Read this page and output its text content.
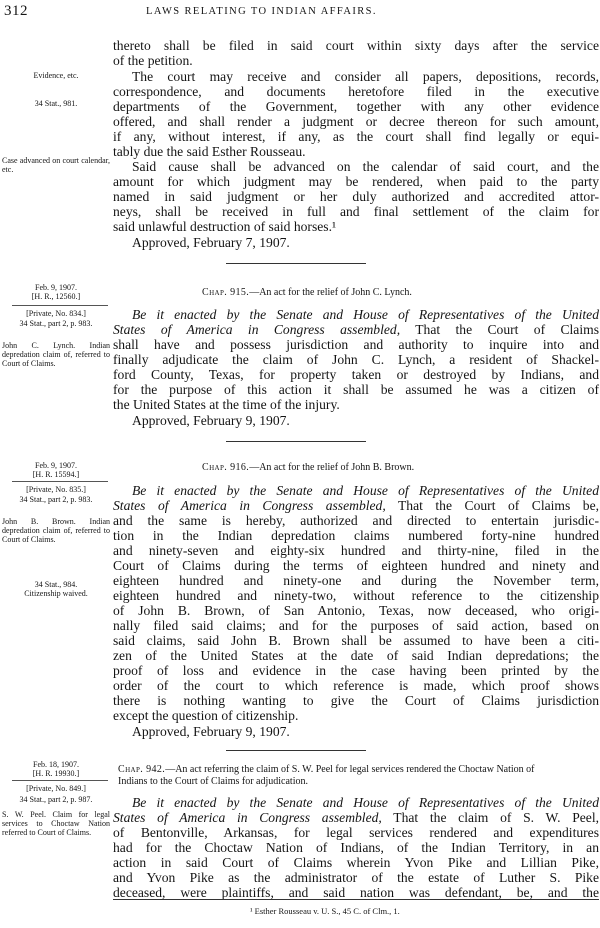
312	LAWS RELATING TO INDIAN AFFAIRS.
Evidence, etc.
34 Stat., 981.
Case advanced on court calendar, etc.
Feb. 9, 1907.
[H. R., 12560.]
[Private, No. 834.]
34 Stat., part 2, p. 983.
John C. Lynch. Indian depredation claim of, referred to Court of Claims.
Feb. 9, 1907.
[H. R. 15594.]
[Private, No. 835.]
34 Stat., part 2, p. 983.
John B. Brown. Indian depredation claim of, referred to Court of Claims.
34 Stat., 984.
Citizenship waived.
Feb. 18, 1907.
[H. R. 19930.]
[Private, No. 849.]
34 Stat., part 2, p. 987.
S. W. Peel. Claim for legal services to Choctaw Nation referred to Court of Claims.
thereto shall be filed in said court within sixty days after the service
of the petition.
The court may receive and consider all papers, depositions, records,
correspondence, and documents heretofore filed in the executive
departments of the Government, together with any other evidence
offered, and shall render a judgment or decree thereon for such amount,
if any, without interest, if any, as the court shall find legally or equi-
tably due the said Esther Rousseau.
Said cause shall be advanced on the calendar of said court, and the
amount for which judgment may be rendered, when paid to the party
named in said judgment or her duly authorized and accredited attor-
neys, shall be received in full and final settlement of the claim for
said unlawful destruction of said horses.¹
Approved, February 7, 1907.
Chap. 915.—An act for the relief of John C. Lynch.
Be it enacted by the Senate and House of Representatives of the United
States of America in Congress assembled, That the Court of Claims
shall have and possess jurisdiction and authority to inquire into and
finally adjudicate the claim of John C. Lynch, a resident of Shackel-
ford County, Texas, for property taken or destroyed by Indians, and
for the purpose of this action it shall be assumed he was a citizen of
the United States at the time of the injury.
Approved, February 9, 1907.
Chap. 916.—An act for the relief of John B. Brown.
Be it enacted by the Senate and House of Representatives of the United
States of America in Congress assembled, That the Court of Claims be,
and the same is hereby, authorized and directed to entertain jurisdic-
tion in the Indian depredation claims numbered forty-nine hundred
and ninety-seven and eighty-six hundred and thirty-nine, filed in the
Court of Claims during the terms of eighteen hundred and ninety and
eighteen hundred and ninety-one and during the November term,
eighteen hundred and ninety-two, without reference to the citizenship
of John B. Brown, of San Antonio, Texas, now deceased, who origi-
nally filed said claims; and for the purposes of said action, based on
said claims, said John B. Brown shall be assumed to have been a citi-
zen of the United States at the date of said Indian depredations; the
proof of loss and evidence in the case having been printed by the
order of the court to which reference is made, which proof shows
there is nothing wanting to give the Court of Claims jurisdiction
except the question of citizenship.
Approved, February 9, 1907.
Chap. 942.—An act referring the claim of S. W. Peel for legal services rendered the Choctaw Nation of Indians to the Court of Claims for adjudication.
Be it enacted by the Senate and House of Representatives of the United
States of America in Congress assembled, That the claim of S. W. Peel,
of Bentonville, Arkansas, for legal services rendered and expenditures
had for the Choctaw Nation of Indians, of the Indian Territory, in an
action in said Court of Claims wherein Yvon Pike and Lillian Pike,
and Yvon Pike as the administrator of the estate of Luther S. Pike
deceased, were plaintiffs, and said nation was defendant, be, and the
¹ Esther Rousseau v. U. S., 45 C. of Clm., 1.
